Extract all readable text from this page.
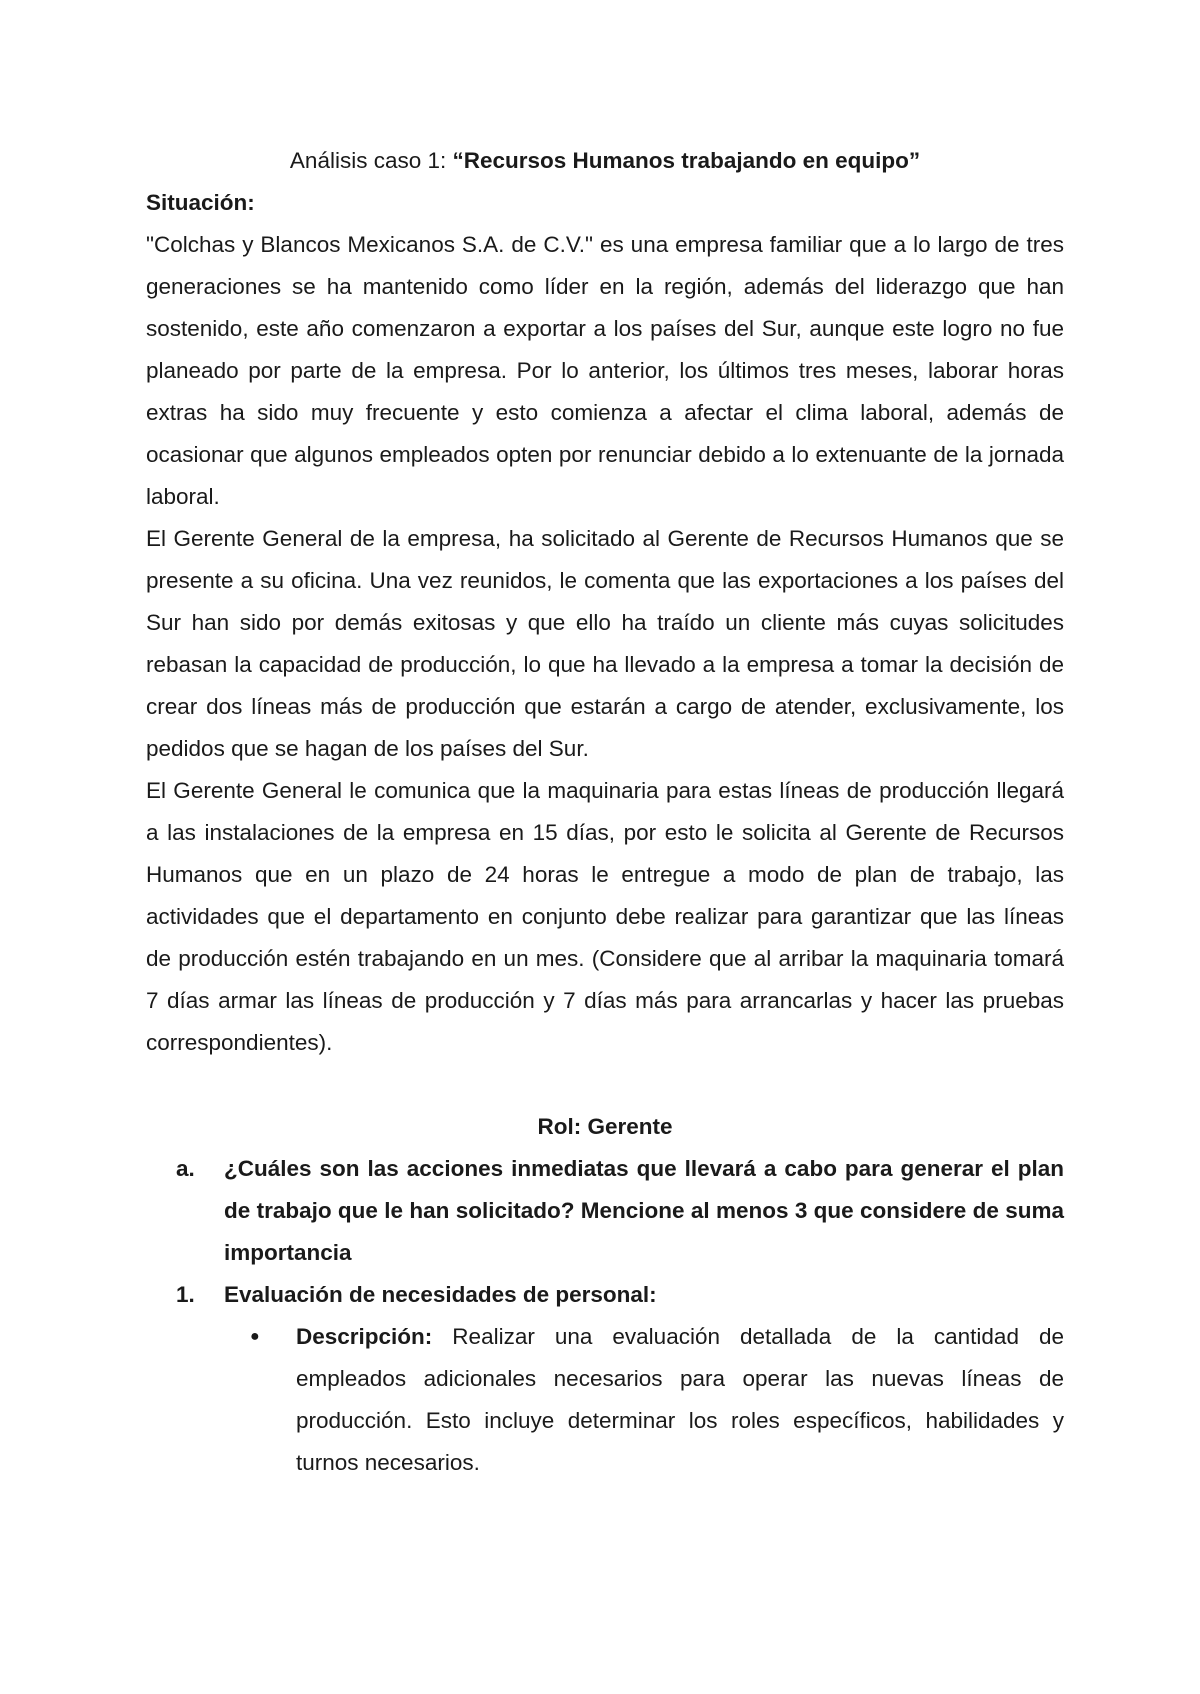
Análisis caso 1: “Recursos Humanos trabajando en equipo”

Situación:

"Colchas y Blancos Mexicanos S.A. de C.V." es una empresa familiar que a lo largo de tres generaciones se ha mantenido como líder en la región, además del liderazgo que han sostenido, este año comenzaron a exportar a los países del Sur, aunque este logro no fue planeado por parte de la empresa. Por lo anterior, los últimos tres meses, laborar horas extras ha sido muy frecuente y esto comienza a afectar el clima laboral, además de ocasionar que algunos empleados opten por renunciar debido a lo extenuante de la jornada laboral.

El Gerente General de la empresa, ha solicitado al Gerente de Recursos Humanos que se presente a su oficina. Una vez reunidos, le comenta que las exportaciones a los países del Sur han sido por demás exitosas y que ello ha traído un cliente más cuyas solicitudes rebasan la capacidad de producción, lo que ha llevado a la empresa a tomar la decisión de crear dos líneas más de producción que estarán a cargo de atender, exclusivamente, los pedidos que se hagan de los países del Sur.

El Gerente General le comunica que la maquinaria para estas líneas de producción llegará a las instalaciones de la empresa en 15 días, por esto le solicita al Gerente de Recursos Humanos que en un plazo de 24 horas le entregue a modo de plan de trabajo, las actividades que el departamento en conjunto debe realizar para garantizar que las líneas de producción estén trabajando en un mes. (Considere que al arribar la maquinaria tomará 7 días armar las líneas de producción y 7 días más para arrancarlas y hacer las pruebas correspondientes).

Rol: Gerente

a.	¿Cuáles son las acciones inmediatas que llevará a cabo para generar el plan de trabajo que le han solicitado? Mencione al menos 3 que considere de suma importancia
1.	Evaluación de necesidades de personal:
●	Descripción: Realizar una evaluación detallada de la cantidad de empleados adicionales necesarios para operar las nuevas líneas de producción. Esto incluye determinar los roles específicos, habilidades y turnos necesarios.
